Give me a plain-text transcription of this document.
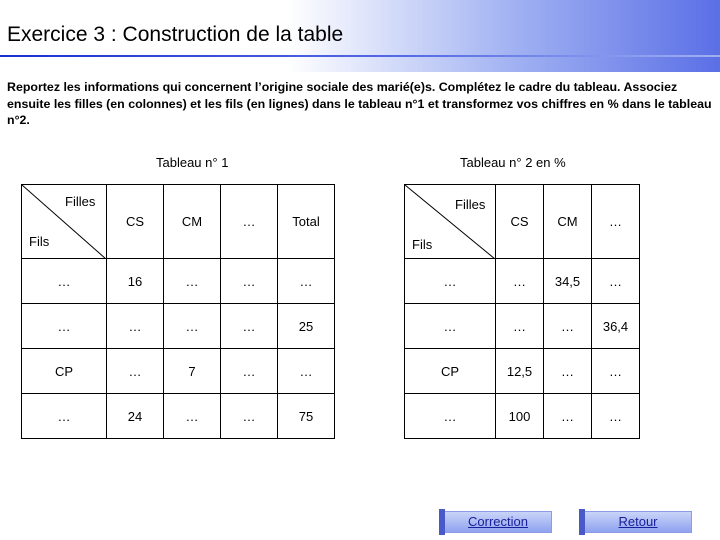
Exercice 3 : Construction de la table
Reportez les informations qui concernent l’origine sociale des marié(e)s. Complétez le cadre du tableau. Associez ensuite les filles (en colonnes) et les fils (en lignes) dans le tableau n°1 et transformez vos chiffres en % dans le tableau n°2.
Tableau n° 1	Tableau n° 2 en %
Filles
Fils	CS	CM	…	Total
…	16	…	…	…
…	…	…	…	25
CP	…	7	…	…
…	24	…	…	75
Filles
Fils	CS	CM	…
…	…	34,5	…
…	…	…	36,4
CP	12,5	…	…
…	100	…	…
Correction	Retour
